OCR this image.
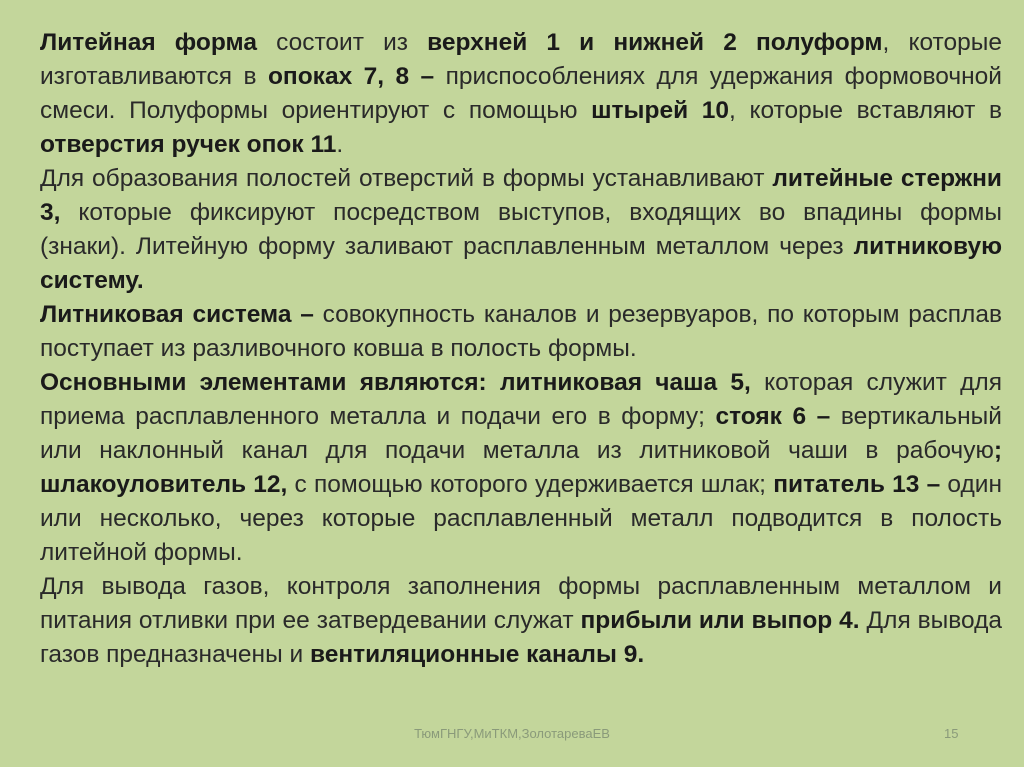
Литейная форма состоит из верхней 1 и нижней 2 полуформ, которые изготавливаются в опоках 7, 8 – приспособлениях для удержания формовочной смеси. Полуформы ориентируют с помощью штырей 10, которые вставляют в отверстия ручек опок 11.

Для образования полостей отверстий в формы устанавливают литейные стержни 3, которые фиксируют посредством выступов, входящих во впадины формы (знаки). Литейную форму заливают расплавленным металлом через литниковую систему.

Литниковая система – совокупность каналов и резервуаров, по которым расплав поступает из разливочного ковша в полость формы.

Основными элементами являются: литниковая чаша 5, которая служит для приема расплавленного металла и подачи его в форму; стояк 6 – вертикальный или наклонный канал для подачи металла из литниковой чаши в рабочую; шлакоуловитель 12, с помощью которого удерживается шлак; питатель 13 – один или несколько, через которые расплавленный металл подводится в полость литейной формы.

Для вывода газов, контроля заполнения формы расплавленным металлом и питания отливки при ее затвердевании служат прибыли или выпор 4. Для вывода газов предназначены и вентиляционные каналы 9.

ТюмГНГУ,МиТКМ,ЗолотареваЕВ	15
